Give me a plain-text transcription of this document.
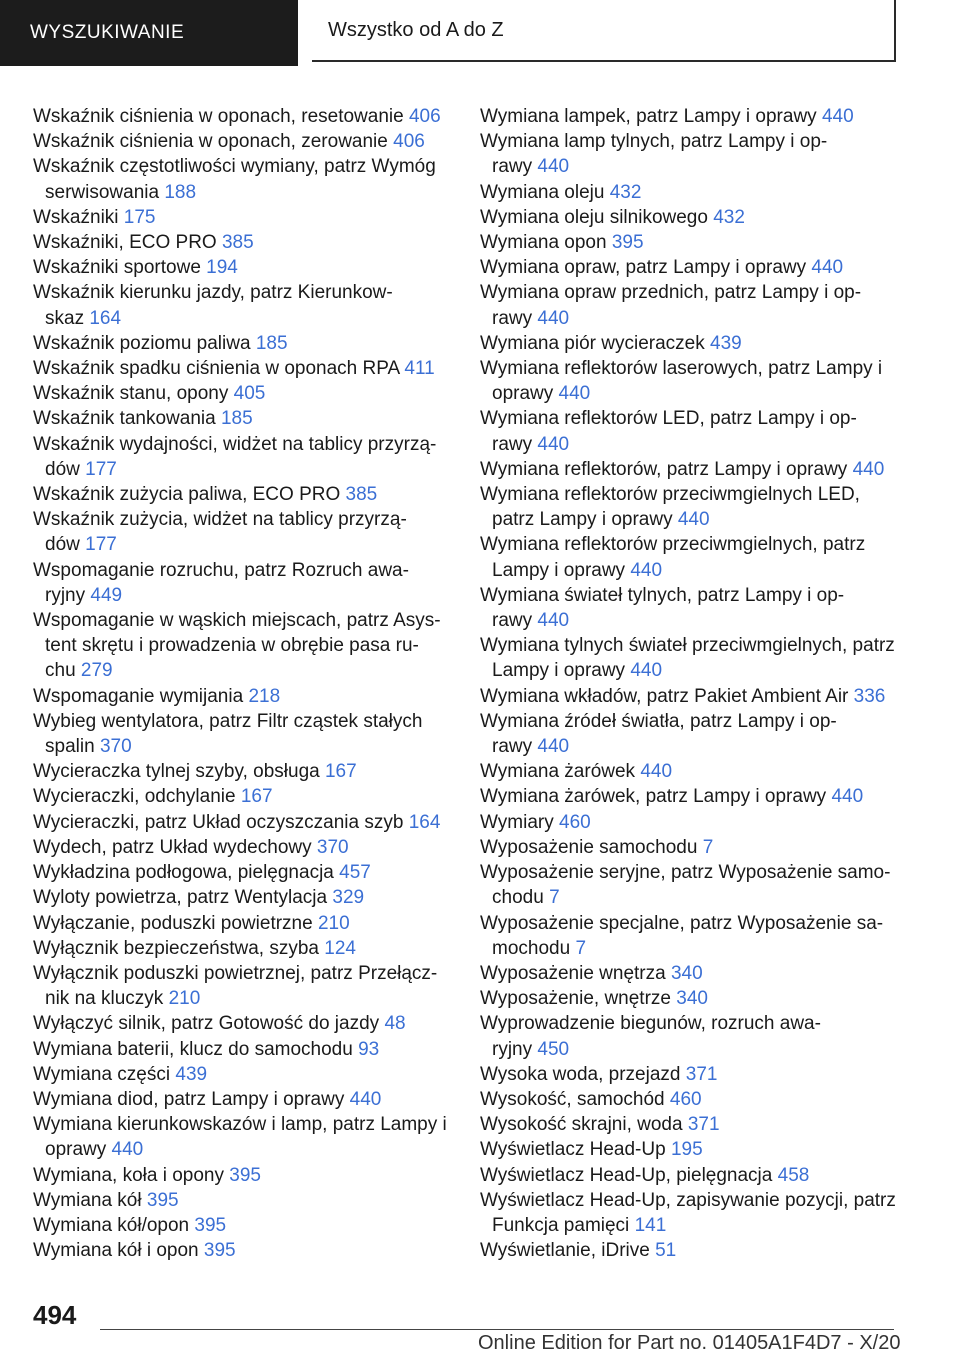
WYSZUKIWANIE	Wszystko od A do Z
Wskaźnik ciśnienia w oponach, resetowanie 406
Wskaźnik ciśnienia w oponach, zerowanie 406
Wskaźnik częstotliwości wymiany, patrz Wymóg
serwisowania 188
Wskaźniki 175
Wskaźniki, ECO PRO 385
Wskaźniki sportowe 194
Wskaźnik kierunku jazdy, patrz Kierunkow-
skaz 164
Wskaźnik poziomu paliwa 185
Wskaźnik spadku ciśnienia w oponach RPA 411
Wskaźnik stanu, opony 405
Wskaźnik tankowania 185
Wskaźnik wydajności, widżet na tablicy przyrzą-
dów 177
Wskaźnik zużycia paliwa, ECO PRO 385
Wskaźnik zużycia, widżet na tablicy przyrzą-
dów 177
Wspomaganie rozruchu, patrz Rozruch awa-
ryjny 449
Wspomaganie w wąskich miejscach, patrz Asys-
tent skrętu i prowadzenia w obrębie pasa ru-
chu 279
Wspomaganie wymijania 218
Wybieg wentylatora, patrz Filtr cząstek stałych
spalin 370
Wycieraczka tylnej szyby, obsługa 167
Wycieraczki, odchylanie 167
Wycieraczki, patrz Układ oczyszczania szyb 164
Wydech, patrz Układ wydechowy 370
Wykładzina podłogowa, pielęgnacja 457
Wyloty powietrza, patrz Wentylacja 329
Wyłączanie, poduszki powietrzne 210
Wyłącznik bezpieczeństwa, szyba 124
Wyłącznik poduszki powietrznej, patrz Przełącz-
nik na kluczyk 210
Wyłączyć silnik, patrz Gotowość do jazdy 48
Wymiana baterii, klucz do samochodu 93
Wymiana części 439
Wymiana diod, patrz Lampy i oprawy 440
Wymiana kierunkowskazów i lamp, patrz Lampy i
oprawy 440
Wymiana, koła i opony 395
Wymiana kół 395
Wymiana kół/opon 395
Wymiana kół i opon 395
Wymiana lampek, patrz Lampy i oprawy 440
Wymiana lamp tylnych, patrz Lampy i op-
rawy 440
Wymiana oleju 432
Wymiana oleju silnikowego 432
Wymiana opon 395
Wymiana opraw, patrz Lampy i oprawy 440
Wymiana opraw przednich, patrz Lampy i op-
rawy 440
Wymiana piór wycieraczek 439
Wymiana reflektorów laserowych, patrz Lampy i
oprawy 440
Wymiana reflektorów LED, patrz Lampy i op-
rawy 440
Wymiana reflektorów, patrz Lampy i oprawy 440
Wymiana reflektorów przeciwmgielnych LED,
patrz Lampy i oprawy 440
Wymiana reflektorów przeciwmgielnych, patrz
Lampy i oprawy 440
Wymiana świateł tylnych, patrz Lampy i op-
rawy 440
Wymiana tylnych świateł przeciwmgielnych, patrz
Lampy i oprawy 440
Wymiana wkładów, patrz Pakiet Ambient Air 336
Wymiana źródeł światła, patrz Lampy i op-
rawy 440
Wymiana żarówek 440
Wymiana żarówek, patrz Lampy i oprawy 440
Wymiary 460
Wyposażenie samochodu 7
Wyposażenie seryjne, patrz Wyposażenie samo-
chodu 7
Wyposażenie specjalne, patrz Wyposażenie sa-
mochodu 7
Wyposażenie wnętrza 340
Wyposażenie, wnętrze 340
Wyprowadzenie biegunów, rozruch awa-
ryjny 450
Wysoka woda, przejazd 371
Wysokość, samochód 460
Wysokość skrajni, woda 371
Wyświetlacz Head-Up 195
Wyświetlacz Head-Up, pielęgnacja 458
Wyświetlacz Head-Up, zapisywanie pozycji, patrz
Funkcja pamięci 141
Wyświetlanie, iDrive 51
494
Online Edition for Part no. 01405A1F4D7 - X/20
